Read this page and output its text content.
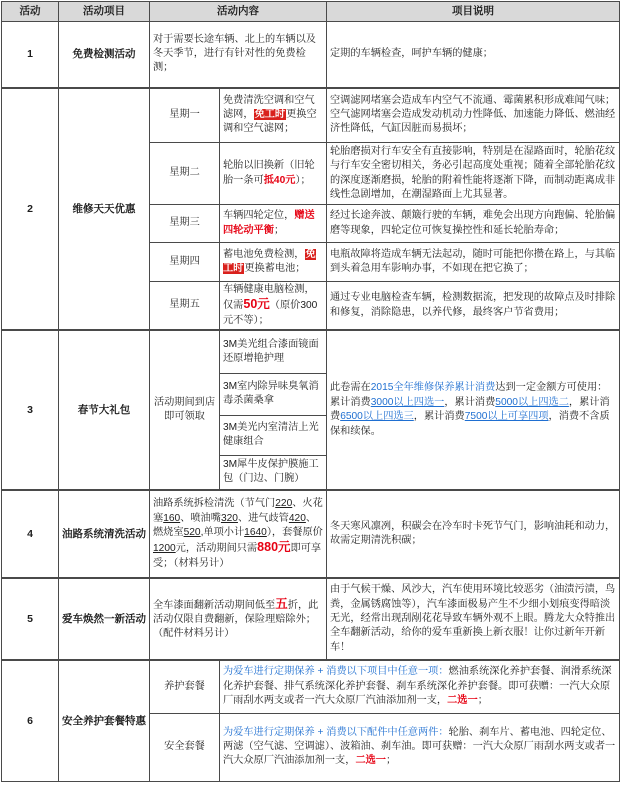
活动	活动项目	活动内容		项目说明
1	免费检测活动	对于需要长途车辆、北上的车辆以及冬天季节，进行有针对性的免费检测；		定期的车辆检查，呵护车辆的健康；
2	维修天天优惠	星期一	免费清洗空调和空气滤网，免工时更换空调和空气滤网；	空调滤网堵塞会造成车内空气不流通、霉菌累积形成难闻气味；空气滤网堵塞会造成发动机动力性降低、加速能力降低、燃油经济性降低，气缸因脏而易损坏；
		星期二	轮胎以旧换新（旧轮胎一条可抵40元）；	轮胎磨损对行车安全有直接影响，特别是在湿路面时，轮胎花纹与行车安全密切相关，务必引起高度处重视；随着全部轮胎花纹的深度逐渐磨损，轮胎的附着性能将逐渐下降，而制动距离成非线性急剧增加，在潮湿路面上尤其显著。
		星期三	车辆四轮定位，赠送四轮动平衡；	经过长途奔波、颠簸行驶的车辆，难免会出现方向跑偏、轮胎偏磨等现象，四轮定位可恢复操控性和延长轮胎寿命；
		星期四	蓄电池免费检测，免工时更换蓄电池；	电瓶故障将造成车辆无法起动，随时可能把你攒在路上，与其临到头着急用车影响办事，不如现在把它换了；
		星期五	车辆健康电脑检测，仅需50元（原价300元不等）；	通过专业电脑检查车辆，检测数据流，把发现的故障点及时排除和修复，消除隐患，以养代修，最终客户节省费用；
3	春节大礼包	活动期间到店即可领取	3M美光组合漆面镜面还原增艳护理	此卷需在2015全年维修保养累计消费达到一定金额方可使用：累计消费3000以上四选一，累计消费5000以上四选二，累计消费6500以上四选三，累计消费7500以上可享四项，消费不含质保和续保。
			3M室内除异味臭氧消毒杀菌桑拿	
			3M美光内室清洁上光健康组合	
			3M犀牛皮保护膜施工包（门边、门腕）	
4	油路系统清洗活动	油路系统拆检清洗（节气门220、火花塞160、喷油嘴320、进气歧管420、燃烧室520,单项小计1640），套餐原价1200元，活动期间只需880元即可享受；（材料另计）		冬天寒风凛冽，积碳会在冷车时卡死节气门，影响油耗和动力，故需定期清洗积碳；
5	爱车焕然一新活动	全车漆面翻新活动期间低至五折，此活动仅限自费翻新，保险理赔除外；（配件材料另计）		由于气候干燥、风沙大，汽车使用环境比较恶劣（油渍污渍，鸟粪，金属锈腐蚀等），汽车漆面极易产生不少细小划痕变得暗淡无光，经常出现刮剐花花导致车辆外观不上眼。腾龙大众特推出全车翻新活动，给你的爱车重新换上新衣服！让你过新年开新车！
6	安全养护套餐特惠	养护套餐	为爱车进行定期保养 + 消费以下项目中任意一项：燃油系统深化养护套餐、润滑系统深化养护套餐、排气系统深化养护套餐、刹车系统深化养护套餐。即可获赠：一汽大众原厂雨刮水两支或者一汽大众原厂汽油添加剂一支，二选一；	
		安全套餐	为爱车进行定期保养 + 消费以下配件中任意两件：轮胎、刹车片、蓄电池、四轮定位、两滤（空气滤、空调滤）、波箱油、刹车油。即可获赠：一汽大众原厂雨刮水两支或者一汽大众原厂汽油添加剂一支，二选一；	
